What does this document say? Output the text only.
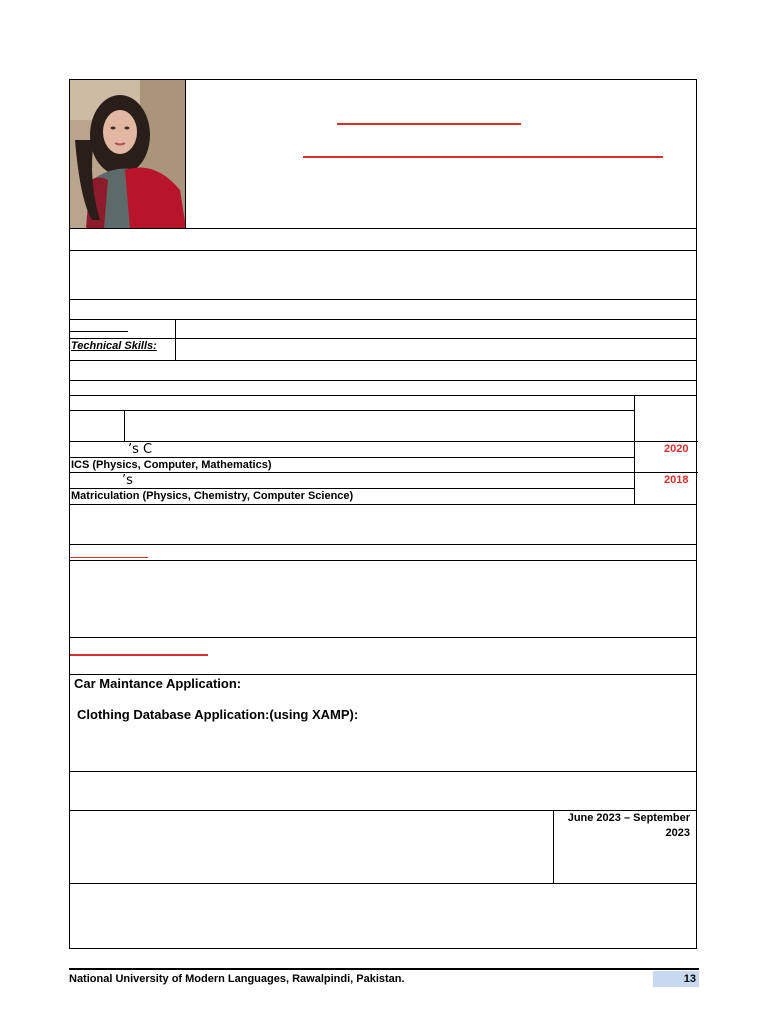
Technical Skills:
’s C	2020
ICS (Physics, Computer, Mathematics)
’s	2018
Matriculation (Physics, Chemistry, Computer Science)
Car Maintance Application:
Clothing Database Application:(using XAMP):
June 2023 – September
2023
National University of Modern Languages, Rawalpindi, Pakistan.	13
